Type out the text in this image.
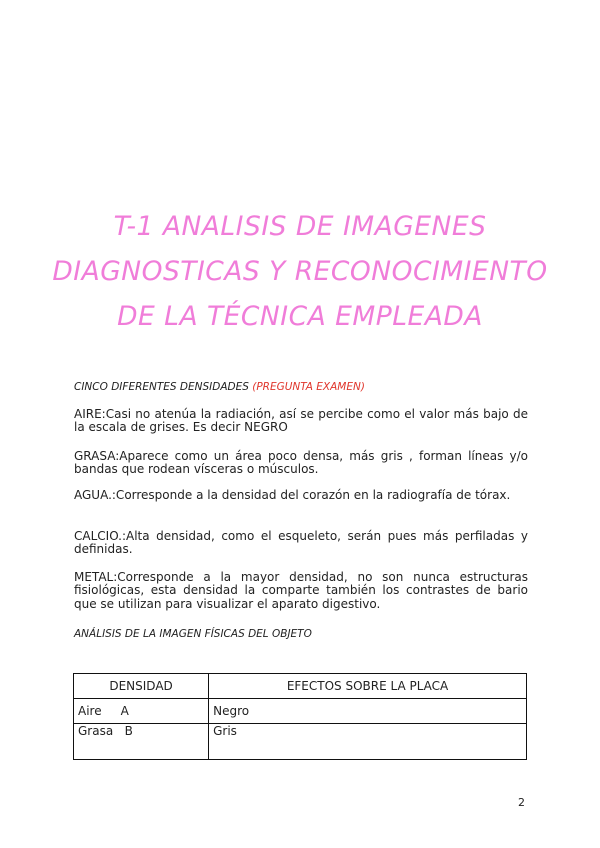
T-1 ANALISIS DE IMAGENES
DIAGNOSTICAS Y RECONOCIMIENTO
DE LA TÉCNICA EMPLEADA
CINCO DIFERENTES DENSIDADES (PREGUNTA EXAMEN)

AIRE:Casi no atenúa la radiación, así se percibe como el valor más bajo de la escala de grises. Es decir NEGRO

GRASA:Aparece como un área poco densa, más gris , forman líneas y/o bandas que rodean vísceras o músculos.

AGUA.:Corresponde a la densidad del corazón en la radiografía de tórax.

CALCIO.:Alta densidad, como el esqueleto, serán pues más perfiladas y definidas.

METAL:Corresponde a la mayor densidad, no son nunca estructuras fisiológicas, esta densidad la comparte también los contrastes de bario que se utilizan para visualizar el aparato digestivo.

ANÁLISIS DE LA IMAGEN FÍSICAS DEL OBJETO
DENSIDAD	EFECTOS SOBRE LA PLACA
Aire     A	Negro
Grasa   B	Gris
2
